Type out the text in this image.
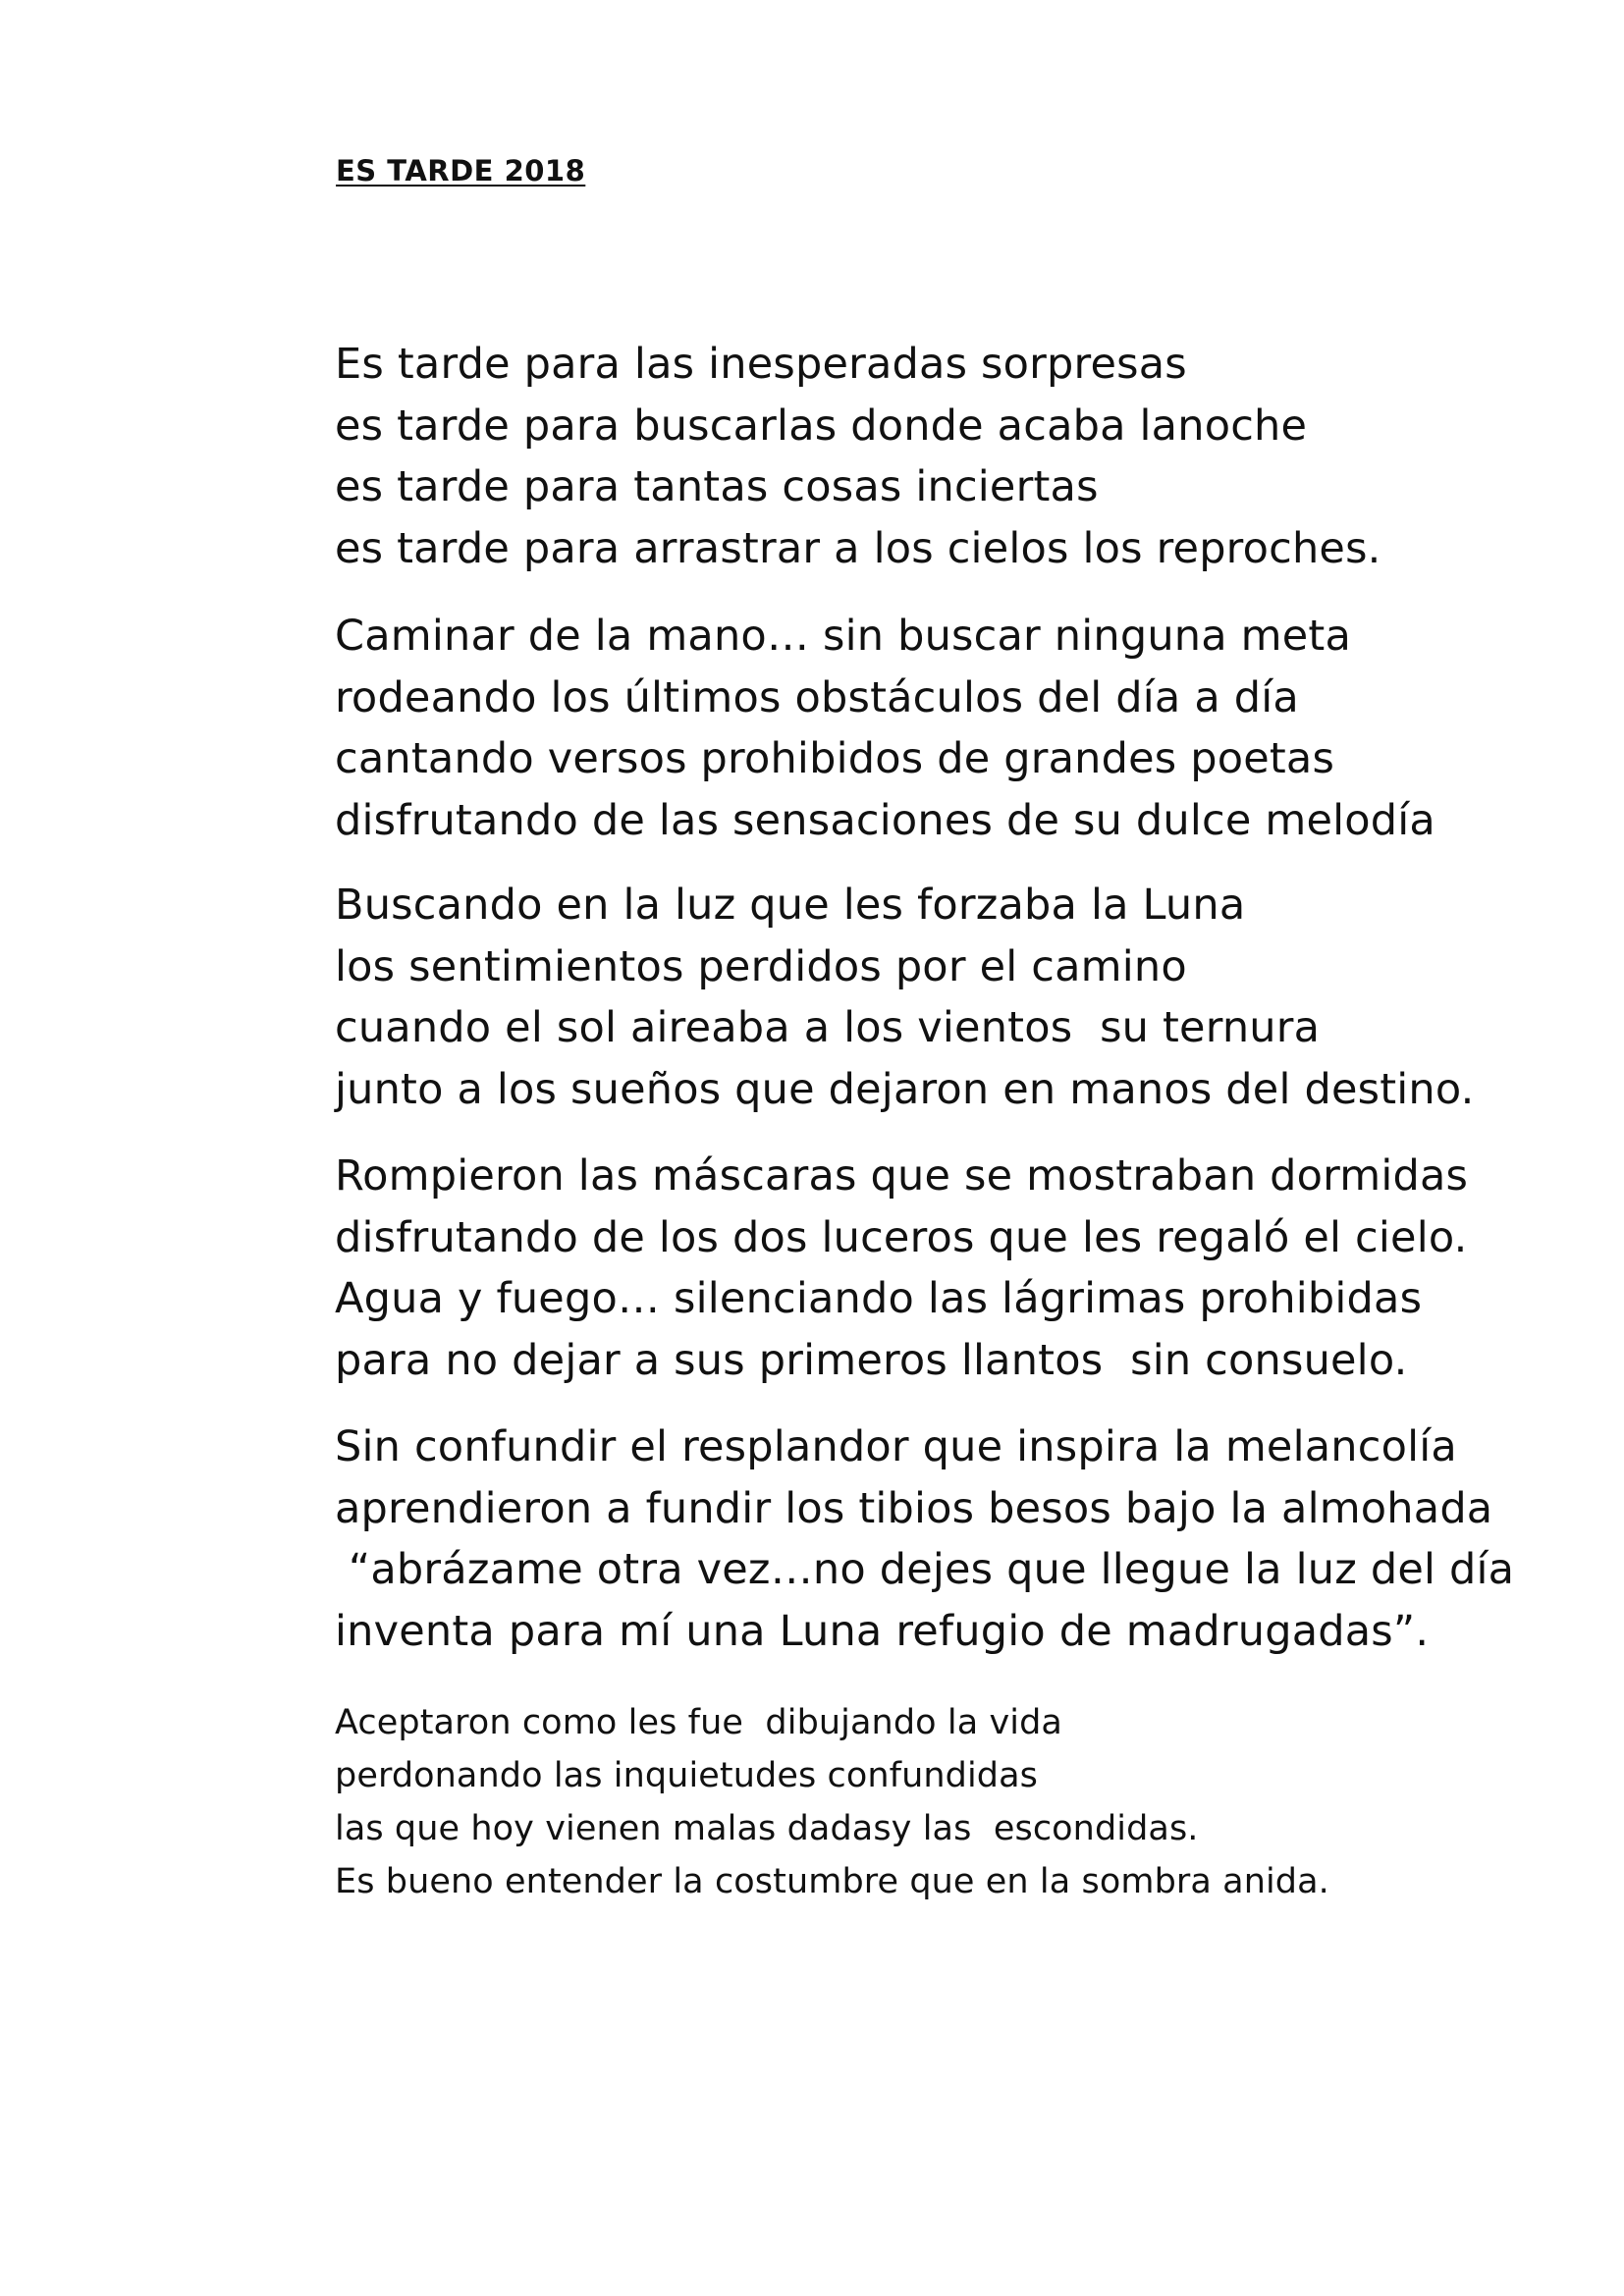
ES TARDE 2018
Es tarde para las inesperadas sorpresas
es tarde para buscarlas donde acaba lanoche
es tarde para tantas cosas inciertas
es tarde para arrastrar a los cielos los reproches.
Caminar de la mano… sin buscar ninguna meta
rodeando los últimos obstáculos del día a día
cantando versos prohibidos de grandes poetas
disfrutando de las sensaciones de su dulce melodía
Buscando en la luz que les forzaba la Luna
los sentimientos perdidos por el camino
cuando el sol aireaba a los vientos  su ternura
junto a los sueños que dejaron en manos del destino.
Rompieron las máscaras que se mostraban dormidas
disfrutando de los dos luceros que les regaló el cielo.
Agua y fuego… silenciando las lágrimas prohibidas
para no dejar a sus primeros llantos  sin consuelo.
Sin confundir el resplandor que inspira la melancolía
aprendieron a fundir los tibios besos bajo la almohada
“abrázame otra vez…no dejes que llegue la luz del día
inventa para mí una Luna refugio de madrugadas”.
Aceptaron como les fue  dibujando la vida
perdonando las inquietudes confundidas
las que hoy vienen malas dadasy las  escondidas.
Es bueno entender la costumbre que en la sombra anida.
